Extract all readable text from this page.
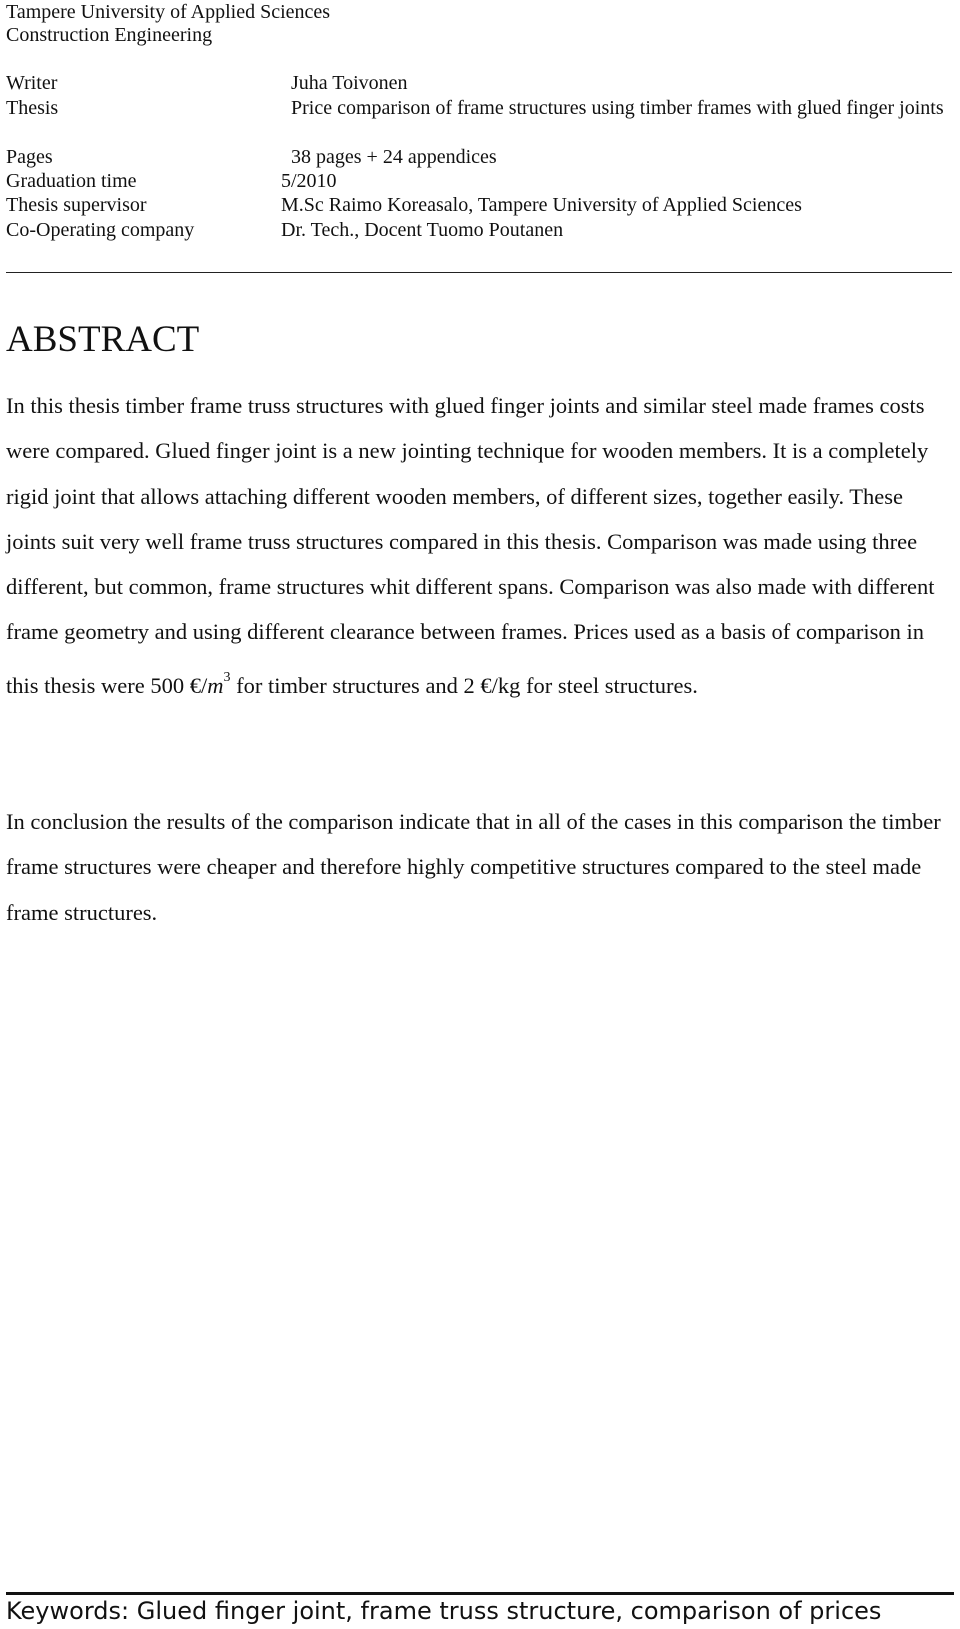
Tampere University of Applied Sciences
Construction Engineering
Writer	Juha Toivonen
Thesis	Price comparison of frame structures using timber frames with glued finger joints
Pages	38 pages + 24 appendices
Graduation time	5/2010
Thesis supervisor	M.Sc Raimo Koreasalo, Tampere University of Applied Sciences
Co-Operating company	Dr. Tech., Docent Tuomo Poutanen
ABSTRACT

In this thesis timber frame truss structures with glued finger joints and similar steel made frames costs were compared. Glued finger joint is a new jointing technique for wooden members. It is a completely rigid joint that allows attaching different wooden members, of different sizes, together easily. These joints suit very well frame truss structures compared in this thesis. Comparison was made using three different, but common, frame structures whit different spans. Comparison was also made with different frame geometry and using different clearance between frames. Prices used as a basis of comparison in this thesis were 500 $€/m^3$ for timber structures and 2 €/kg for steel structures.

In conclusion the results of the comparison indicate that in all of the cases in this comparison the timber frame structures were cheaper and therefore highly competitive structures compared to the steel made frame structures.

Keywords: Glued finger joint, frame truss structure, comparison of prices
